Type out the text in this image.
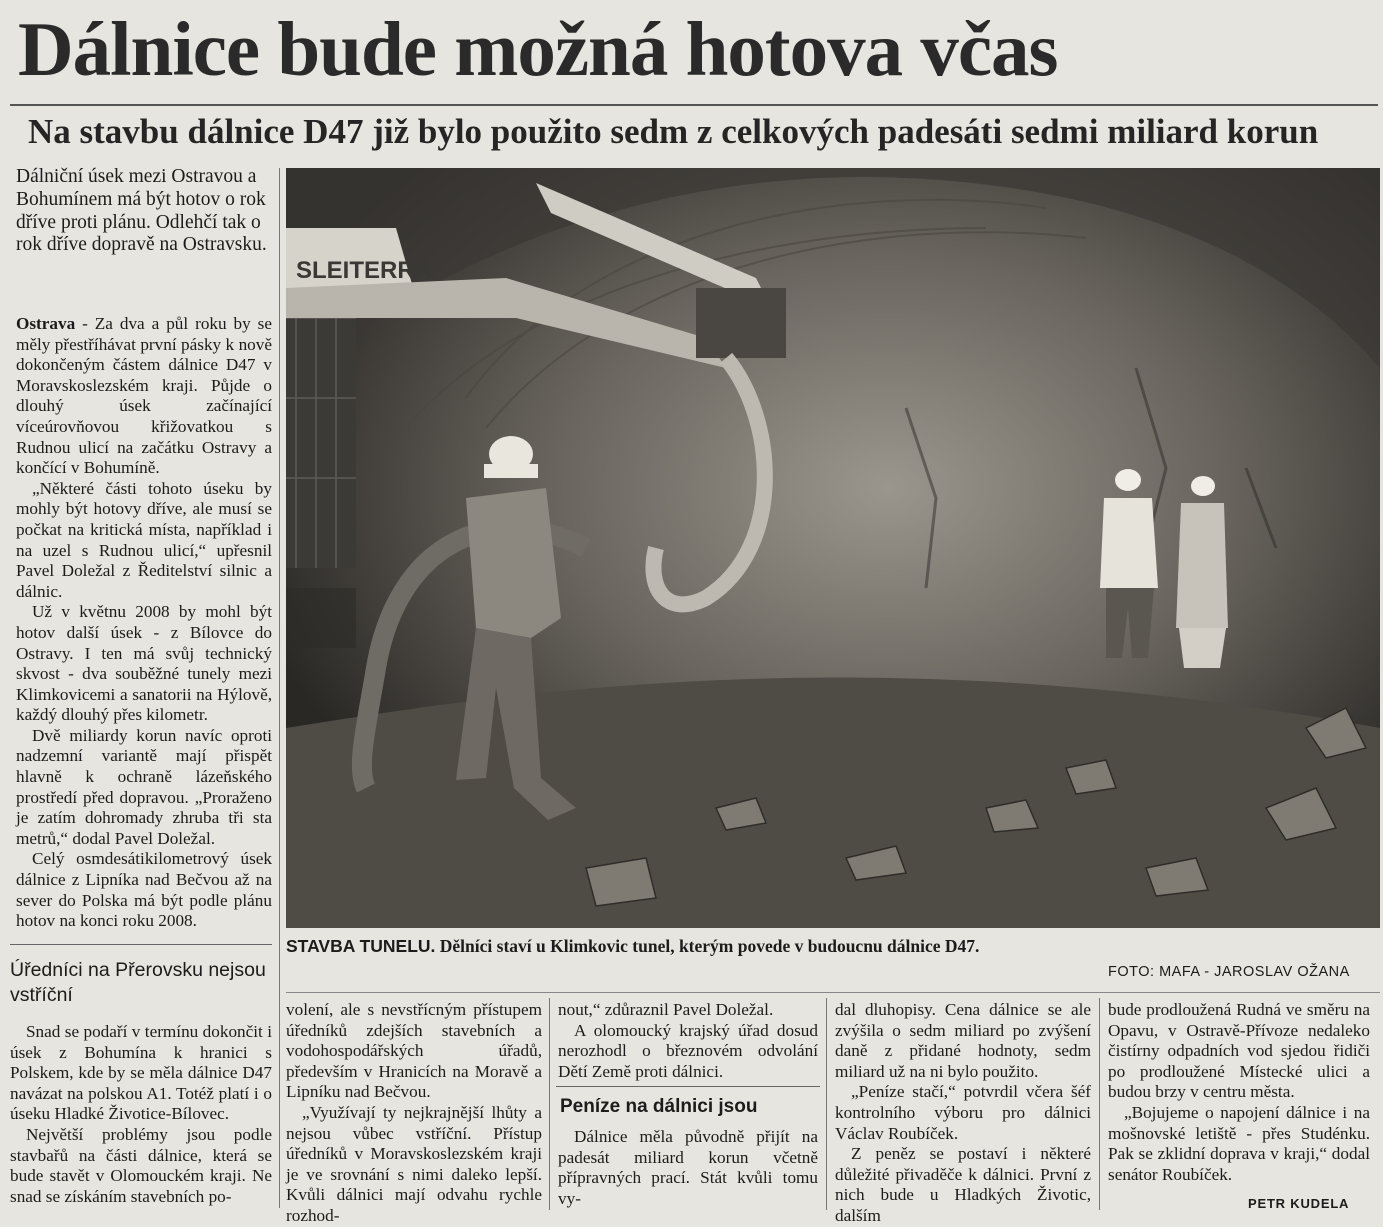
Dálnice bude možná hotova včas
Na stavbu dálnice D47 již bylo použito sedm z celkových padesáti sedmi miliard korun
Dálniční úsek mezi Ostravou a Bohumínem má být hotov o rok dříve proti plánu. Odlehčí tak o rok dříve dopravě na Ostravsku.

Ostrava - Za dva a půl roku by se měly přestříhávat první pásky k nově dokončeným částem dálnice D47 v Moravskoslezském kraji. Půjde o dlouhý úsek začínající víceúrovňovou křižovatkou s Rudnou ulicí na začátku Ostravy a končící v Bohumíně.

„Některé části tohoto úseku by mohly být hotovy dříve, ale musí se počkat na kritická místa, například i na uzel s Rudnou ulicí,“ upřesnil Pavel Doležal z Ředitelství silnic a dálnic.

Už v květnu 2008 by mohl být hotov další úsek - z Bílovce do Ostravy. I ten má svůj technický skvost - dva souběžné tunely mezi Klimkovicemi a sanatorii na Hýlově, každý dlouhý přes kilometr.

Dvě miliardy korun navíc oproti nadzemní variantě mají přispět hlavně k ochraně lázeňského prostředí před dopravou. „Proraženo je zatím dohromady zhruba tři sta metrů,“ dodal Pavel Doležal.

Celý osmdesátikilometrový úsek dálnice z Lipníka nad Bečvou až na sever do Polska má být podle plánu hotov na konci roku 2008.

Úředníci na Přerovsku nejsou vstříční

Snad se podaří v termínu dokončit i úsek z Bohumína k hranici s Polskem, kde by se měla dálnice D47 navázat na polskou A1. Totéž platí i o úseku Hladké Životice-Bílovec.

Největší problémy jsou podle stavbařů na části dálnice, která se bude stavět v Olomouckém kraji. Ne snad se získáním stavebních po-

SLEITERRA
STAVBA TUNELU. Dělníci staví u Klimkovic tunel, kterým povede v budoucnu dálnice D47.
FOTO: MAFA - JAROSLAV OŽANA

volení, ale s nevstřícným přístupem úředníků zdejších stavebních a vodohospodářských úřadů, především v Hranicích na Moravě a Lipníku nad Bečvou.

„Využívají ty nejkrajnější lhůty a nejsou vůbec vstříční. Přístup úředníků v Moravskoslezském kraji je ve srovnání s nimi daleko lepší. Kvůli dálnici mají odvahu rychle rozhod-

nout,“ zdůraznil Pavel Doležal.

A olomoucký krajský úřad dosud nerozhodl o březnovém odvolání Dětí Země proti dálnici.

Peníze na dálnici jsou

Dálnice měla původně přijít na padesát miliard korun včetně přípravných prací. Stát kvůli tomu vy-

dal dluhopisy. Cena dálnice se ale zvýšila o sedm miliard po zvýšení daně z přidané hodnoty, sedm miliard už na ni bylo použito.

„Peníze stačí,“ potvrdil včera šéf kontrolního výboru pro dálnici Václav Roubíček.

Z peněz se postaví i některé důležité přivaděče k dálnici. První z nich bude u Hladkých Životic, dalším

bude prodloužená Rudná ve směru na Opavu, v Ostravě-Přívoze nedaleko čistírny odpadních vod sjedou řidiči po prodloužené Místecké ulici a budou brzy v centru města.

„Bojujeme o napojení dálnice i na mošnovské letiště - přes Studénku. Pak se zklidní doprava v kraji,“ dodal senátor Roubíček.

PETR KUDELA
